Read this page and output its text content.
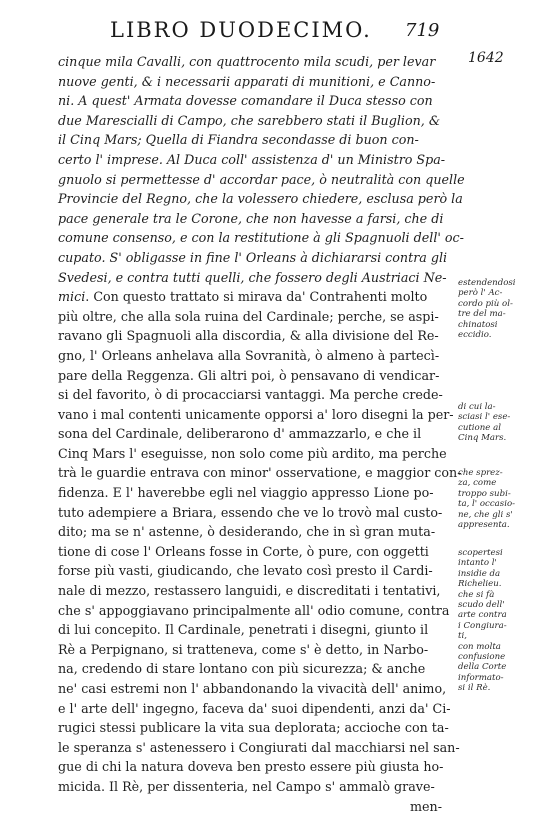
LIBRO DUODECIMO. 719
1642
cinque mila Cavalli, con quattrocento mila scudi, per levar
nuove genti, & i necessarii apparati di munitioni, e Canno-
ni. A quest' Armata dovesse comandare il Duca stesso con
due Marescialli di Campo, che sarebbero stati il Buglion, &
il Cinq Mars; Quella di Fiandra secondasse di buon con-
certo l' imprese. Al Duca coll' assistenza d' un Ministro Spa-
gnuolo si permettesse d' accordar pace, ò neutralità con quelle
Provincie del Regno, che la volessero chiedere, esclusa però la
pace generale tra le Corone, che non havesse a farsi, che di
comune consenso, e con la restitutione à gli Spagnuoli dell' oc-
cupato. S' obligasse in fine l' Orleans à dichiararsi contra gli
Svedesi, e contra tutti quelli, che fossero degli Austriaci Ne-
mici. Con questo trattato si mirava da' Contrahenti molto
più oltre, che alla sola ruina del Cardinale; perche, se aspi-
ravano gli Spagnuoli alla discordia, & alla divisione del Re-
gno, l' Orleans anhelava alla Sovranità, ò almeno à partecì-
pare della Reggenza. Gli altri poi, ò pensavano di vendicar-
si del favorito, ò di procacciarsi vantaggi. Ma perche crede-
vano i mal contenti unicamente opporsi a' loro disegni la per-
sona del Cardinale, deliberarono d' ammazzarlo, e che il
Cinq Mars l' eseguisse, non solo come più ardito, ma perche
trà le guardie entrava con minor' osservatione, e maggior con-
fidenza. E l' haverebbe egli nel viaggio appresso Lione po-
tuto adempiere a Briara, essendo che ve lo trovò mal custo-
dito; ma se n' astenne, ò desiderando, che in sì gran muta-
tione di cose l' Orleans fosse in Corte, ò pure, con oggetti
forse più vasti, giudicando, che levato così presto il Cardi-
nale di mezzo, restassero languidi, e discreditati i tentativi,
che s' appoggiavano principalmente all' odio comune, contra
di lui concepito. Il Cardinale, penetrati i disegni, giunto il
Rè a Perpignano, si tratteneva, come s' è detto, in Narbo-
na, credendo di stare lontano con più sicurezza; & anche
ne' casi estremi non l' abbandonando la vivacità dell' animo,
e l' arte dell' ingegno, faceva da' suoi dipendenti, anzi da' Ci-
rugici stessi publicare la vita sua deplorata; accioche con ta-
le speranza s' astenessero i Congiurati dal macchiarsi nel san-
gue di chi la natura doveva ben presto essere più giusta ho-
micida. Il Rè, per dissenteria, nel Campo s' ammalò grave-
men-
estendendosi
però l' Ac-
cordo più ol-
tre del ma-
chinatosi
eccidio.
di cui la-
sciasi l' ese-
cutione al
Cinq Mars.
che sprez-
za, come
troppo subi-
ta, l' occasio-
ne, che gli s'
appresenta.
scopertesi
intanto l'
insidie da
Richelieu.
che si fà
scudo dell'
arte contra
i Congiura-
ti,
con molta
confusione
della Corte
informato-
si il Rè.
